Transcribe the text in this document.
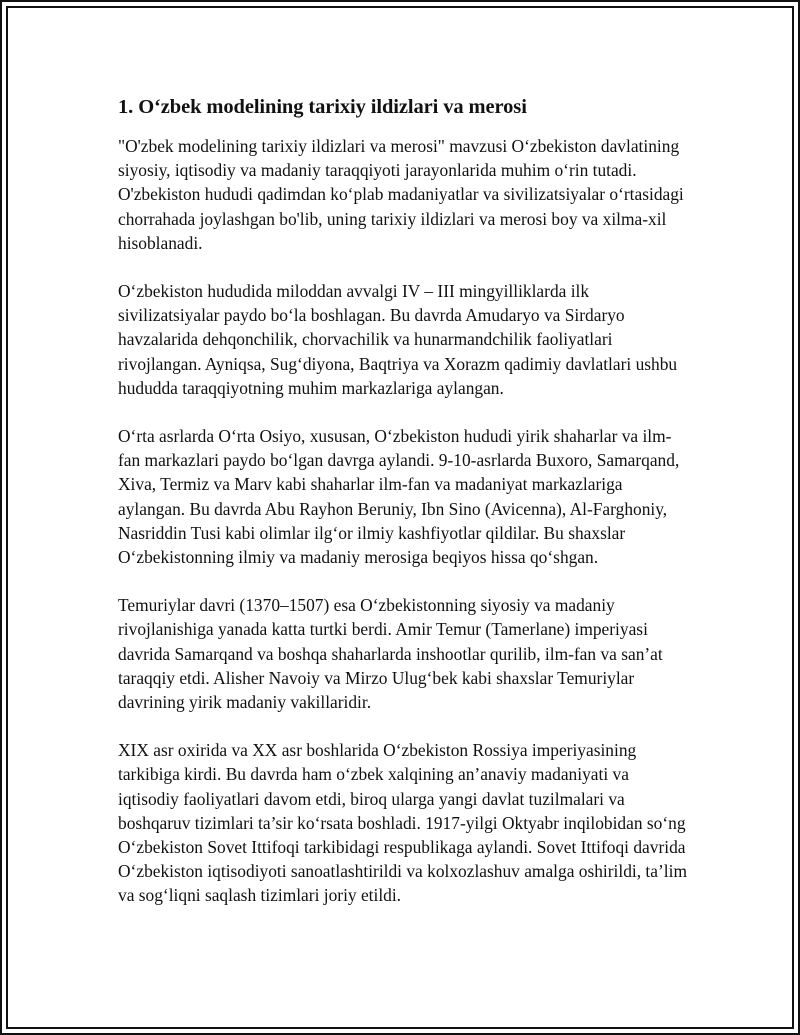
1. O‘zbek modelining tarixiy ildizlari va merosi

"O'zbek modelining tarixiy ildizlari va merosi" mavzusi O‘zbekiston davlatining siyosiy, iqtisodiy va madaniy taraqqiyoti jarayonlarida muhim o‘rin tutadi. O'zbekiston hududi qadimdan ko‘plab madaniyatlar va sivilizatsiyalar o‘rtasidagi chorrahada joylashgan bo'lib, uning tarixiy ildizlari va merosi boy va xilma-xil hisoblanadi.

O‘zbekiston hududida miloddan avvalgi IV – III mingyilliklarda ilk sivilizatsiyalar paydo bo‘la boshlagan. Bu davrda Amudaryo va Sirdaryo havzalarida dehqonchilik, chorvachilik va hunarmandchilik faoliyatlari rivojlangan. Ayniqsa, Sug‘diyona, Baqtriya va Xorazm qadimiy davlatlari ushbu hududda taraqqiyotning muhim markazlariga aylangan.

O‘rta asrlarda O‘rta Osiyo, xususan, O‘zbekiston hududi yirik shaharlar va ilm-fan markazlari paydo bo‘lgan davrga aylandi. 9-10-asrlarda Buxoro, Samarqand, Xiva, Termiz va Marv kabi shaharlar ilm-fan va madaniyat markazlariga aylangan. Bu davrda Abu Rayhon Beruniy, Ibn Sino (Avicenna), Al-Farghoniy, Nasriddin Tusi kabi olimlar ilg‘or ilmiy kashfiyotlar qildilar. Bu shaxslar O‘zbekistonning ilmiy va madaniy merosiga beqiyos hissa qo‘shgan.

Temuriylar davri (1370–1507) esa O‘zbekistonning siyosiy va madaniy rivojlanishiga yanada katta turtki berdi. Amir Temur (Tamerlane) imperiyasi davrida Samarqand va boshqa shaharlarda inshootlar qurilib, ilm-fan va san’at taraqqiy etdi. Alisher Navoiy va Mirzo Ulug‘bek kabi shaxslar Temuriylar davrining yirik madaniy vakillaridir.

XIX asr oxirida va XX asr boshlarida O‘zbekiston Rossiya imperiyasining tarkibiga kirdi. Bu davrda ham o‘zbek xalqining an’anaviy madaniyati va iqtisodiy faoliyatlari davom etdi, biroq ularga yangi davlat tuzilmalari va boshqaruv tizimlari ta’sir ko‘rsata boshladi. 1917-yilgi Oktyabr inqilobidan so‘ng O‘zbekiston Sovet Ittifoqi tarkibidagi respublikaga aylandi. Sovet Ittifoqi davrida O‘zbekiston iqtisodiyoti sanoatlashtirildi va kolxozlashuv amalga oshirildi, ta’lim va sog‘liqni saqlash tizimlari joriy etildi.
